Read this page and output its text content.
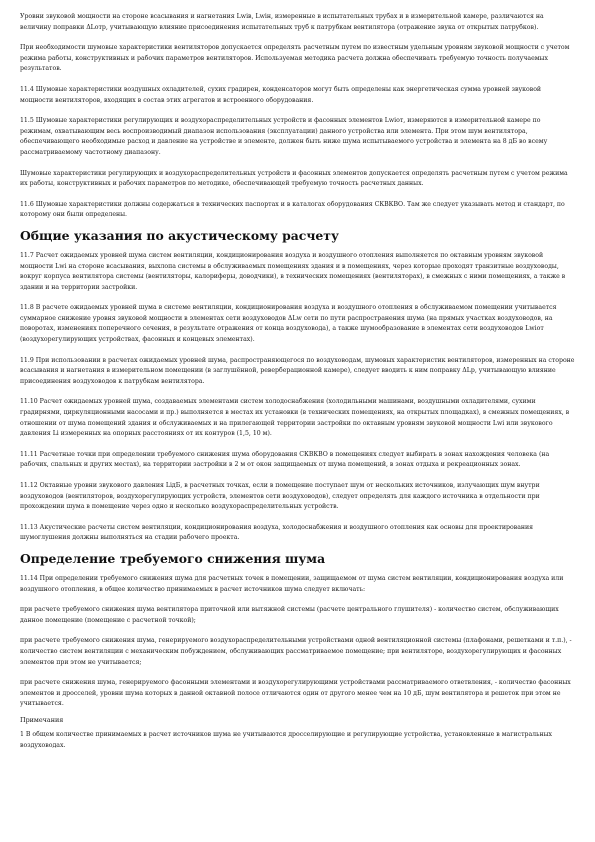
Уровни звуковой мощности на стороне всасывания и нагнетания Lwiв, Lwiн, измеренные в испытательных трубах и в измерительной камере, различаются на величину поправки ΔLотр, учитывающую влияние присоединения испытательных труб к патрубкам вентилятора (отражение звука от открытых патрубков).

При необходимости шумовые характеристики вентиляторов допускается определять расчетным путем по известным удельным уровням звуковой мощности с учетом режима работы, конструктивных и рабочих параметров вентиляторов. Используемая методика расчета должна обеспечивать требуемую точность получаемых результатов.

11.4 Шумовые характеристики воздушных охладителей, сухих градирен, конденсаторов могут быть определены как энергетическая сумма уровней звуковой мощности вентиляторов, входящих в состав этих агрегатов и встроенного оборудования.

11.5 Шумовые характеристики регулирующих и воздухораспределительных устройств и фасонных элементов Lwiот, измеряются в измерительной камере по режимам, охватывающим весь воспроизводимый диапазон использования (эксплуатации) данного устройства или элемента. При этом шум вентилятора, обеспечивающего необходимые расход и давление на устройстве и элементе, должен быть ниже шума испытываемого устройства и элемента на 8 дБ во всему рассматриваемому частотному диапазону.

Шумовые характеристики регулирующих и воздухораспределительных устройств и фасонных элементов допускается определять расчетным путем с учетом режима их работы, конструктивных и рабочих параметров по методике, обеспечивающей требуемую точность расчетных данных.

11.6 Шумовые характеристики должны содержаться в технических паспортах и в каталогах оборудования СКВКВО. Там же следует указывать метод и стандарт, по которому они были определены.

Общие указания по акустическому расчету

11.7 Расчет ожидаемых уровней шума систем вентиляции, кондиционирования воздуха и воздушного отопления выполняется по октавным уровням звуковой мощности Lwi на стороне всасывания, выхлопа системы в обслуживаемых помещениях здания и в помещениях, через которые проходят транзитные воздуховоды, вокруг корпуса вентилятора системы (вентиляторы, калориферы, доводчики), в технических помещениях (вентиляторах), в смежных с ними помещениях, а также в здании и на территории застройки.

11.8 В расчете ожидаемых уровней шума в системе вентиляции, кондиционирования воздуха и воздушного отопления в обслуживаемом помещении учитывается суммарное снижение уровня звуковой мощности в элементах сети воздуховодов ΔLw сети по пути распространения шума (на прямых участках воздуховодов, на поворотах, изменениях поперечного сечения, в результате отражения от конца воздуховода), а также шумообразование в элементах сети воздуховодов Lwiот (воздухорегулирующих устройствах, фасонных и концевых элементах).

11.9 При использовании в расчетах ожидаемых уровней шума, распространяющегося по воздуховодам, шумовых характеристик вентиляторов, измеренных на стороне всасывания и нагнетания в измерительном помещении (в заглушённой, реверберационной камере), следует вводить к ним поправку ΔLp, учитывающую влияние присоединения воздуховодов к патрубкам вентилятора.

11.10 Расчет ожидаемых уровней шума, создаваемых элементами систем холодоснабжения (холодильными машинами, воздушными охладителями, сухими градирнями, циркуляционными насосами и пр.) выполняется в местах их установки (в технических помещениях, на открытых площадках), в смежных помещениях, в отношении от шума помещений здания и обслуживаемых и на прилегающей территории застройки по октавным уровням звуковой мощности Lwi или звукового давления Li измеренных на опорных расстояниях от их контуров (1,5, 10 м).

11.11 Расчетные точки при определении требуемого снижения шума оборудования СКВКВО в помещениях следует выбирать в зонах нахождения человека (на рабочих, спальных и других местах), на территории застройки в 2 м от окон защищаемых от шума помещений, в зонах отдыха и рекреационных зонах.

11.12 Октавные уровни звукового давления LiдБ, в расчетных точках, если в помещение поступает шум от нескольких источников, излучающих шум внутри воздуховодов (вентиляторов, воздухорегулирующих устройств, элементов сети воздуховодов), следует определять для каждого источника в отдельности при прохождении шума в помещение через одно и несколько воздухораспределительных устройств.

11.13 Акустические расчеты систем вентиляции, кондиционирования воздуха, холодоснабжения и воздушного отопления как основы для проектирования шумоглушения должны выполняться на стадии рабочего проекта.

Определение требуемого снижения шума

11.14 При определении требуемого снижения шума для расчетных точек в помещении, защищаемом от шума систем вентиляции, кондиционирования воздуха или воздушного отопления, в общее количество принимаемых в расчет источников шума следует включать:

при расчете требуемого снижения шума вентилятора приточной или вытяжной системы (расчете центрального глушителя) - количество систем, обслуживающих данное помещение (помещение с расчетной точкой);

при расчете требуемого снижения шума, генерируемого воздухораспределительными устройствами одной вентиляционной системы (плафонами, решетками и т.п.), - количество систем вентиляции с механическим побуждением, обслуживающих рассматриваемое помещение; при вентиляторе, воздухорегулирующих и фасонных элементов при этом не учитывается;

при расчете снижения шума, генерируемого фасонными элементами и воздухорегулирующими устройствами рассматриваемого ответвления, - количество фасонных элементов и дросселей, уровни шума которых в данной октавной полосе отличаются один от другого менее чем на 10 дБ, шум вентилятора и решеток при этом не учитывается.

Примечания

1 В общем количестве принимаемых в расчет источников шума не учитываются дросселирующие и регулирующие устройства, установленные в магистральных воздуховодах.
